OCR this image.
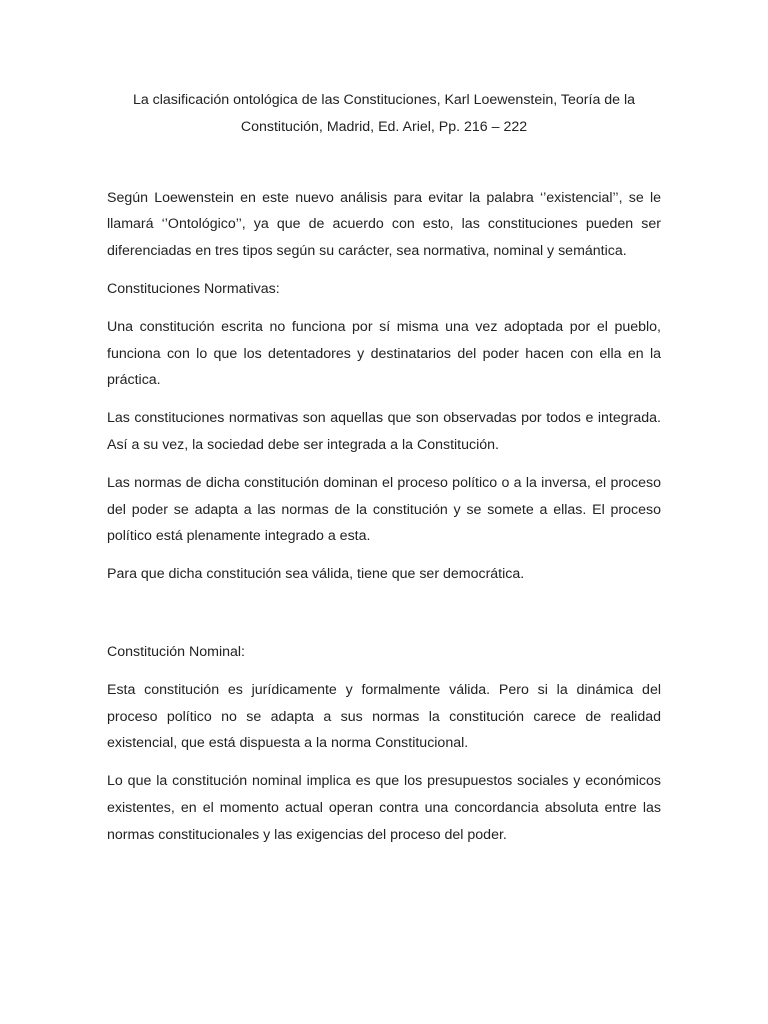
La clasificación ontológica de las Constituciones, Karl Loewenstein, Teoría de la
Constitución, Madrid, Ed. Ariel, Pp. 216 – 222

Según Loewenstein en este nuevo análisis para evitar la palabra ‘’existencial’’, se le llamará ‘’Ontológico’’, ya que de acuerdo con esto, las constituciones pueden ser diferenciadas en tres tipos según su carácter, sea normativa, nominal y semántica.

Constituciones Normativas:

Una constitución escrita no funciona por sí misma una vez adoptada por el pueblo, funciona con lo que los detentadores y destinatarios del poder hacen con ella en la práctica.

Las constituciones normativas son aquellas que son observadas por todos e integrada. Así a su vez, la sociedad debe ser integrada a la Constitución.

Las normas de dicha constitución dominan el proceso político o a la inversa, el proceso del poder se adapta a las normas de la constitución y se somete a ellas. El proceso político está plenamente integrado a esta.

Para que dicha constitución sea válida, tiene que ser democrática.

Constitución Nominal:

Esta constitución es jurídicamente y formalmente válida. Pero si la dinámica del proceso político no se adapta a sus normas la constitución carece de realidad existencial, que está dispuesta a la norma Constitucional.

Lo que la constitución nominal implica es que los presupuestos sociales y económicos existentes, en el momento actual operan contra una concordancia absoluta entre las normas constitucionales y las exigencias del proceso del poder.
